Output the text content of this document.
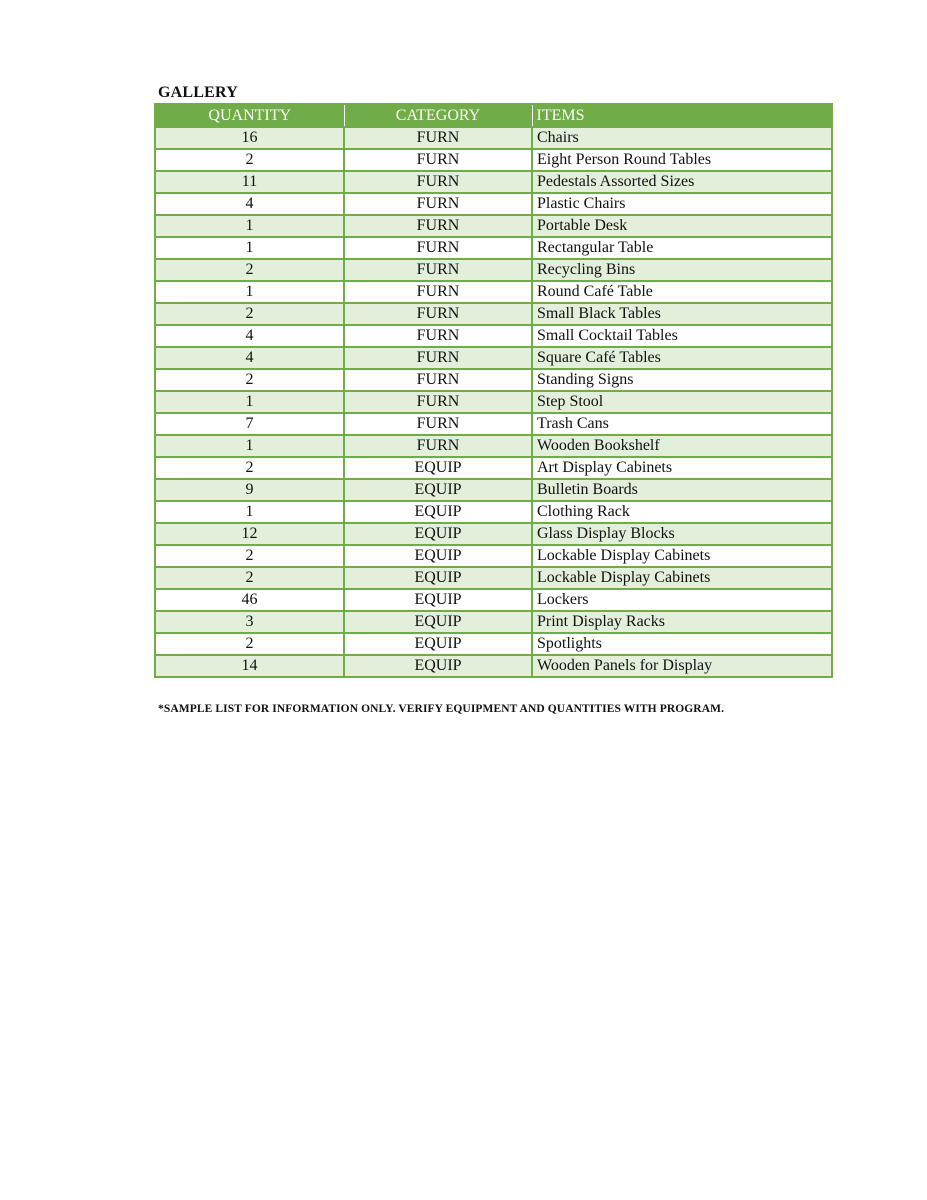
GALLERY
QUANTITY	CATEGORY	ITEMS
16	FURN	Chairs
2	FURN	Eight Person Round Tables
11	FURN	Pedestals Assorted Sizes
4	FURN	Plastic Chairs
1	FURN	Portable Desk
1	FURN	Rectangular Table
2	FURN	Recycling Bins
1	FURN	Round Café Table
2	FURN	Small Black Tables
4	FURN	Small Cocktail Tables
4	FURN	Square Café Tables
2	FURN	Standing Signs
1	FURN	Step Stool
7	FURN	Trash Cans
1	FURN	Wooden Bookshelf
2	EQUIP	Art Display Cabinets
9	EQUIP	Bulletin Boards
1	EQUIP	Clothing Rack
12	EQUIP	Glass Display Blocks
2	EQUIP	Lockable Display Cabinets
2	EQUIP	Lockable Display Cabinets
46	EQUIP	Lockers
3	EQUIP	Print Display Racks
2	EQUIP	Spotlights
14	EQUIP	Wooden Panels for Display
*SAMPLE LIST FOR INFORMATION ONLY. VERIFY EQUIPMENT AND QUANTITIES WITH PROGRAM.
